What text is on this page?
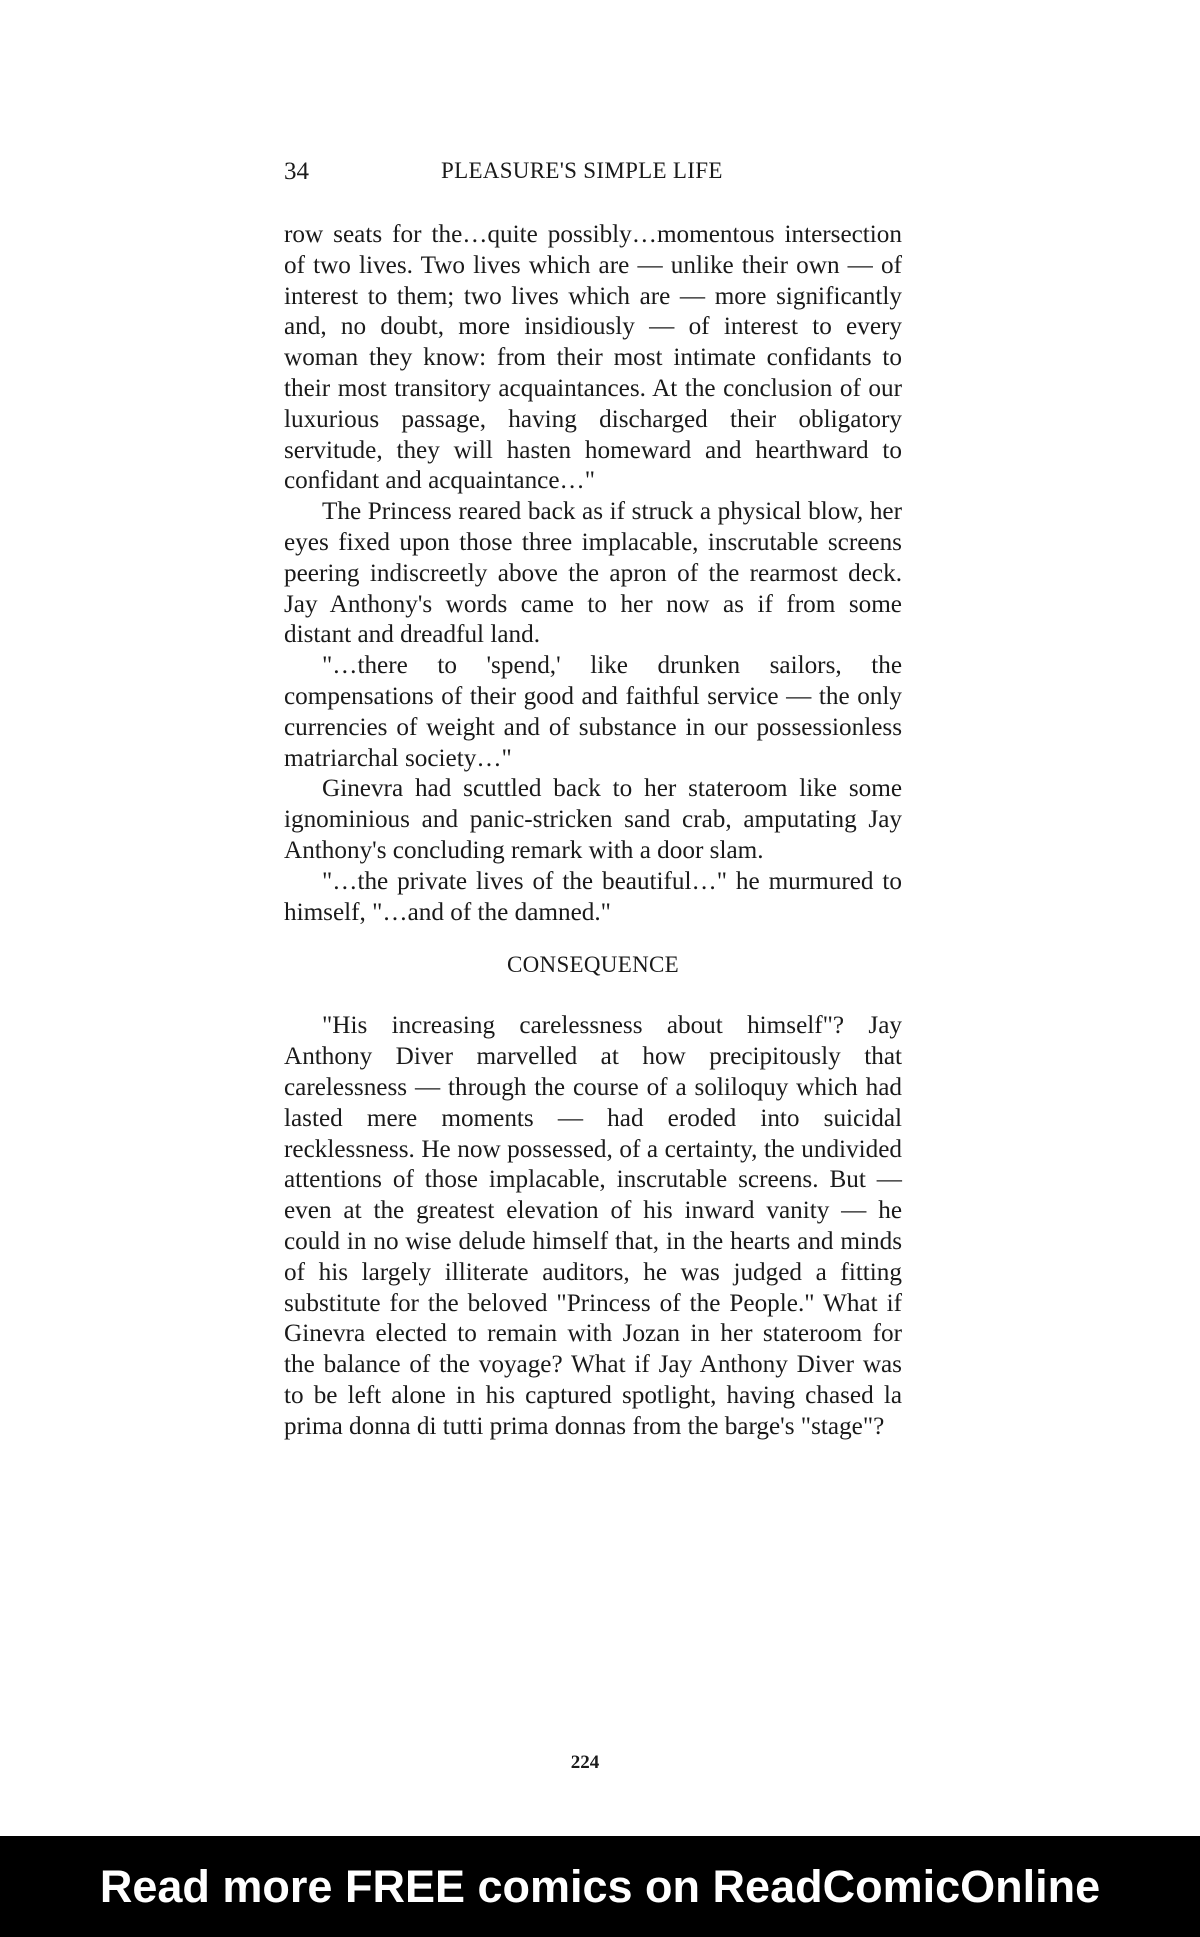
34	PLEASURE'S SIMPLE LIFE

row seats for the…quite possibly…momentous intersection of two lives. Two lives which are — unlike their own — of interest to them; two lives which are — more significantly and, no doubt, more insidiously — of interest to every woman they know: from their most intimate confidants to their most transitory acquaintances. At the conclusion of our luxurious passage, having discharged their obligatory servitude, they will hasten homeward and hearthward to confidant and acquaintance…"

The Princess reared back as if struck a physical blow, her eyes fixed upon those three implacable, inscrutable screens peering indiscreetly above the apron of the rearmost deck. Jay Anthony's words came to her now as if from some distant and dreadful land.

"…there to 'spend,' like drunken sailors, the compensations of their good and faithful service — the only currencies of weight and of substance in our possessionless matriarchal society…"

Ginevra had scuttled back to her stateroom like some ignominious and panic-stricken sand crab, amputating Jay Anthony's concluding remark with a door slam.

"…the private lives of the beautiful…" he murmured to himself, "…and of the damned."

CONSEQUENCE

"His increasing carelessness about himself"? Jay Anthony Diver marvelled at how precipitously that carelessness — through the course of a soliloquy which had lasted mere moments — had eroded into suicidal recklessness. He now possessed, of a certainty, the undivided attentions of those implacable, inscrutable screens. But — even at the greatest elevation of his inward vanity — he could in no wise delude himself that, in the hearts and minds of his largely illiterate auditors, he was judged a fitting substitute for the beloved "Princess of the People." What if Ginevra elected to remain with Jozan in her stateroom for the balance of the voyage? What if Jay Anthony Diver was to be left alone in his captured spotlight, having chased la prima donna di tutti prima donnas from the barge's "stage"?

224
Read more FREE comics on ReadComicOnline
